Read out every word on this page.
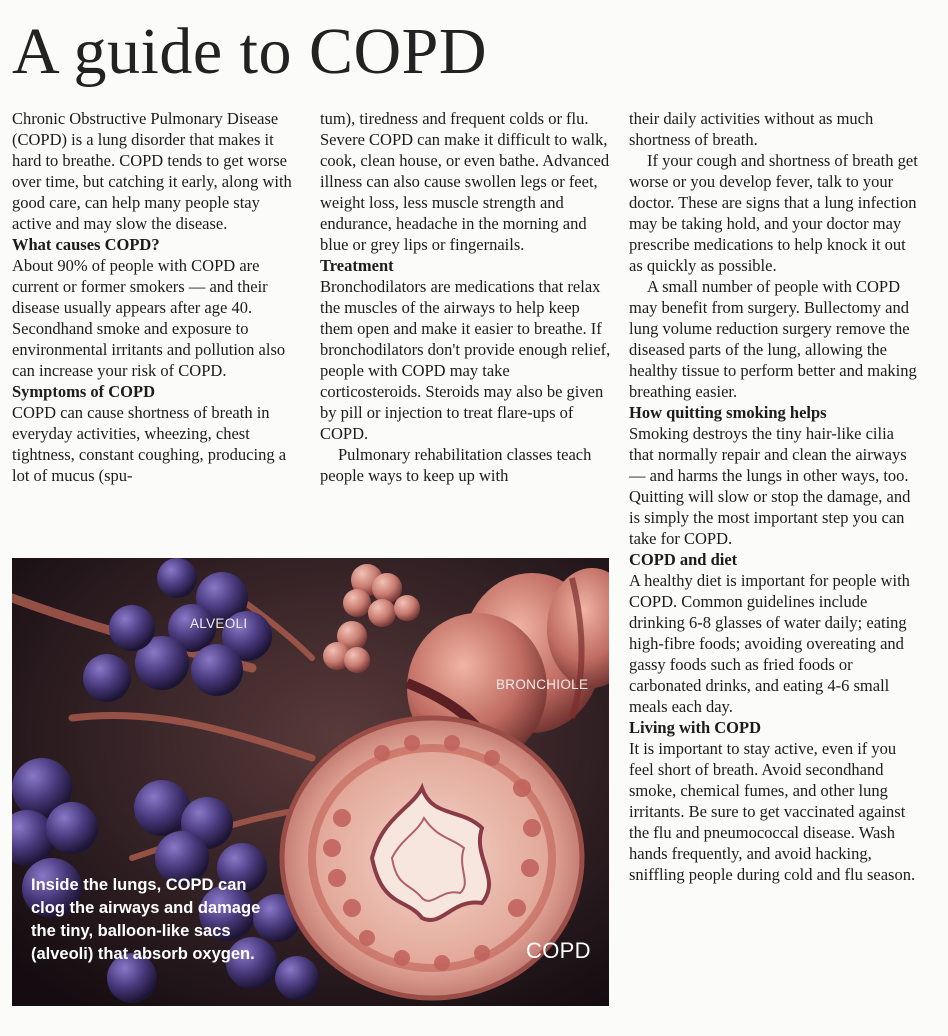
A guide to COPD

Chronic Obstructive Pulmonary Disease (COPD) is a lung disorder that makes it hard to breathe. COPD tends to get worse over time, but catching it early, along with good care, can help many people stay active and may slow the disease.

What causes COPD?

About 90% of people with COPD are current or former smokers — and their disease usually appears after age 40. Secondhand smoke and exposure to environmental irritants and pollution also can increase your risk of COPD.

Symptoms of COPD

COPD can cause shortness of breath in everyday activities, wheezing, chest tightness, constant coughing, producing a lot of mucus (spu-

tum), tiredness and frequent colds or flu. Severe COPD can make it difficult to walk, cook, clean house, or even bathe. Advanced illness can also cause swollen legs or feet, weight loss, less muscle strength and endurance, headache in the morning and blue or grey lips or fingernails.

Treatment

Bronchodilators are medications that relax the muscles of the airways to help keep them open and make it easier to breathe. If bronchodilators don't provide enough relief, people with COPD may take corticosteroids. Steroids may also be given by pill or injection to treat flare-ups of COPD.

Pulmonary rehabilitation classes teach people ways to keep up with

their daily activities without as much shortness of breath.

If your cough and shortness of breath get worse or you develop fever, talk to your doctor. These are signs that a lung infection may be taking hold, and your doctor may prescribe medications to help knock it out as quickly as possible.

A small number of people with COPD may benefit from surgery. Bullectomy and lung volume reduction surgery remove the diseased parts of the lung, allowing the healthy tissue to perform better and making breathing easier.

How quitting smoking helps

Smoking destroys the tiny hair-like cilia that normally repair and clean the airways — and harms the lungs in other ways, too. Quitting will slow or stop the damage, and is simply the most important step you can take for COPD.

COPD and diet

A healthy diet is important for people with COPD. Common guidelines include drinking 6-8 glasses of water daily; eating high-fibre foods; avoiding overeating and gassy foods such as fried foods or carbonated drinks, and eating 4-6 small meals each day.

Living with COPD

It is important to stay active, even if you feel short of breath. Avoid secondhand smoke, chemical fumes, and other lung irritants. Be sure to get vaccinated against the flu and pneumococcal disease. Wash hands frequently, and avoid hacking, sniffling people during cold and flu season.

ALVEOLI
BRONCHIOLE
COPD
Inside the lungs, COPD can clog the airways and damage the tiny, balloon-like sacs (alveoli) that absorb oxygen.
